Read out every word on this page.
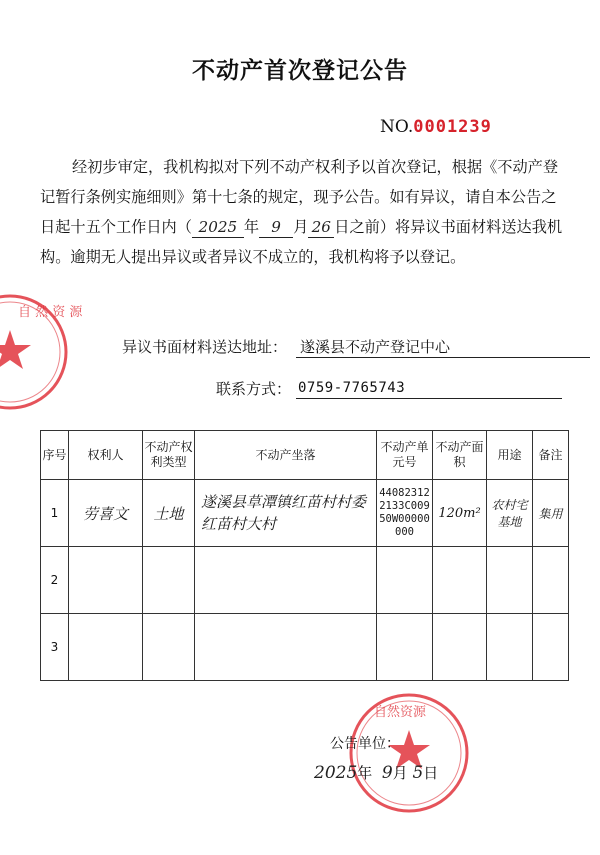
不动产首次登记公告
NO.0001239
经初步审定，我机构拟对下列不动产权利予以首次登记，根据《不动产登记暂行条例实施细则》第十七条的规定，现予公告。如有异议，请自本公告之日起十五个工作日内（ 2025 年 9 月 26 日之前）将异议书面材料送达我机构。逾期无人提出异议或者异议不成立的，我机构将予以登记。
异议书面材料送达地址： 遂溪县不动产登记中心
联系方式： 0759-7765743
序号	权利人	不动产权利类型	不动产坐落	不动产单元号	不动产面 积	用途	备注
1	劳喜文	土地	遂溪县草潭镇红苗村村委红苗村大村	440823122133C00950W00000000	120m²	农村宅基地	集用
2							
3							
自 然 资 源
自然资源
公告单位：
2025年 9月 5日
